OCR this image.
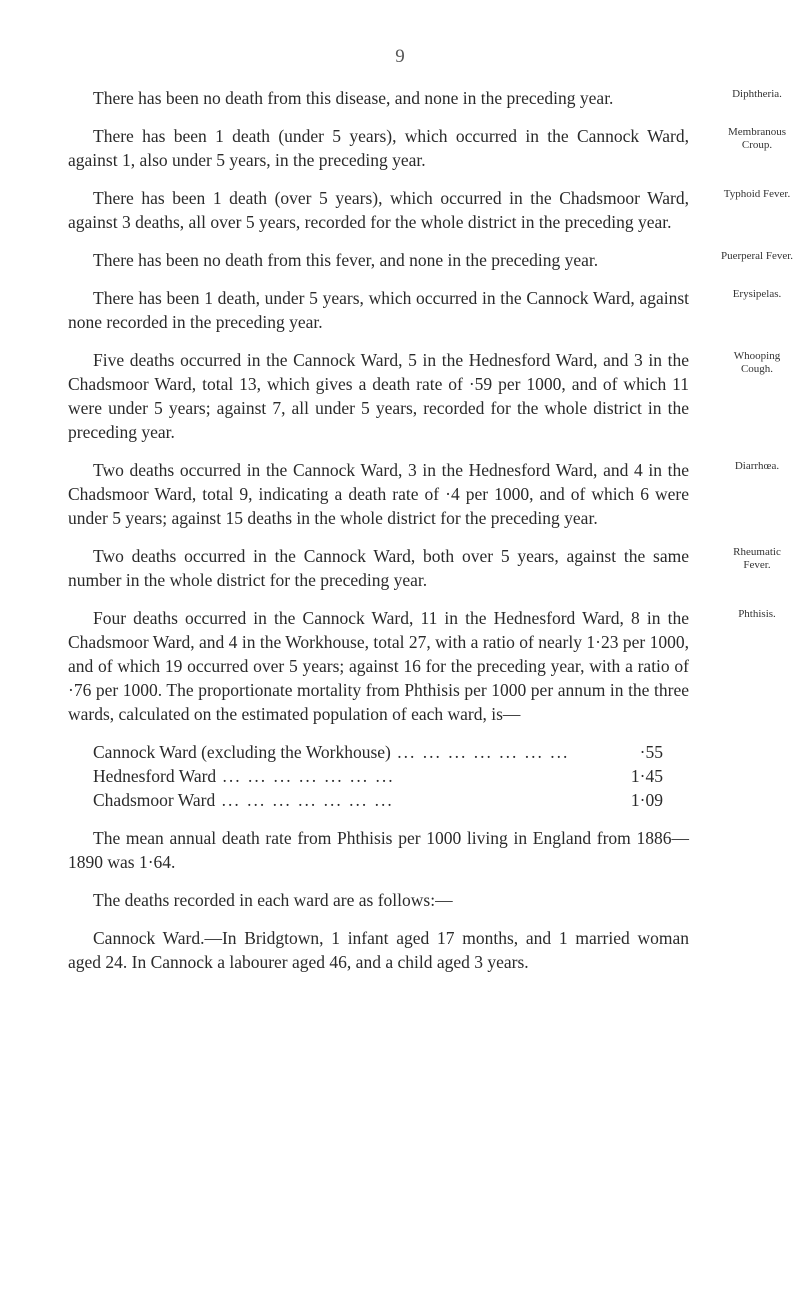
9

There has been no death from this disease, and none in the preceding year.	Diphtheria.

There has been 1 death (under 5 years), which occurred in the Cannock Ward, against 1, also under 5 years, in the preceding year.
Membranous Croup.

There has been 1 death (over 5 years), which occurred in the Chadsmoor Ward, against 3 deaths, all over 5 years, recorded for the whole district in the preceding year.
Typhoid Fever.

There has been no death from this fever, and none in the preceding year.	Puerperal Fever.

There has been 1 death, under 5 years, which occurred in the Cannock Ward, against none recorded in the preceding year.
Erysipelas.

Five deaths occurred in the Cannock Ward, 5 in the Hednesford Ward, and 3 in the Chadsmoor Ward, total 13, which gives a death rate of ·59 per 1000, and of which 11 were under 5 years; against 7, all under 5 years, recorded for the whole district in the preceding year.
Whooping Cough.

Two deaths occurred in the Cannock Ward, 3 in the Hednesford Ward, and 4 in the Chadsmoor Ward, total 9, indicating a death rate of ·4 per 1000, and of which 6 were under 5 years; against 15 deaths in the whole district for the preceding year.
Diarrhœa.

Two deaths occurred in the Cannock Ward, both over 5 years, against the same number in the whole district for the preceding year.
Rheumatic Fever.

Four deaths occurred in the Cannock Ward, 11 in the Hednesford Ward, 8 in the Chadsmoor Ward, and 4 in the Workhouse, total 27, with a ratio of nearly 1·23 per 1000, and of which 19 occurred over 5 years; against 16 for the preceding year, with a ratio of ·76 per 1000. The proportionate mortality from Phthisis per 1000 per annum in the three wards, calculated on the estimated population of each ward, is—
Phthisis.

Cannock Ward (excluding the Workhouse) ... .	·55
Hednesford Ward ... .	1·45
Chadsmoor Ward ... .	1·09

The mean annual death rate from Phthisis per 1000 living in England from 1886—1890 was 1·64.

The deaths recorded in each ward are as follows:—

Cannock Ward.—In Bridgtown, 1 infant aged 17 months, and 1 married woman aged 24. In Cannock a labourer aged 46, and a child aged 3 years.
